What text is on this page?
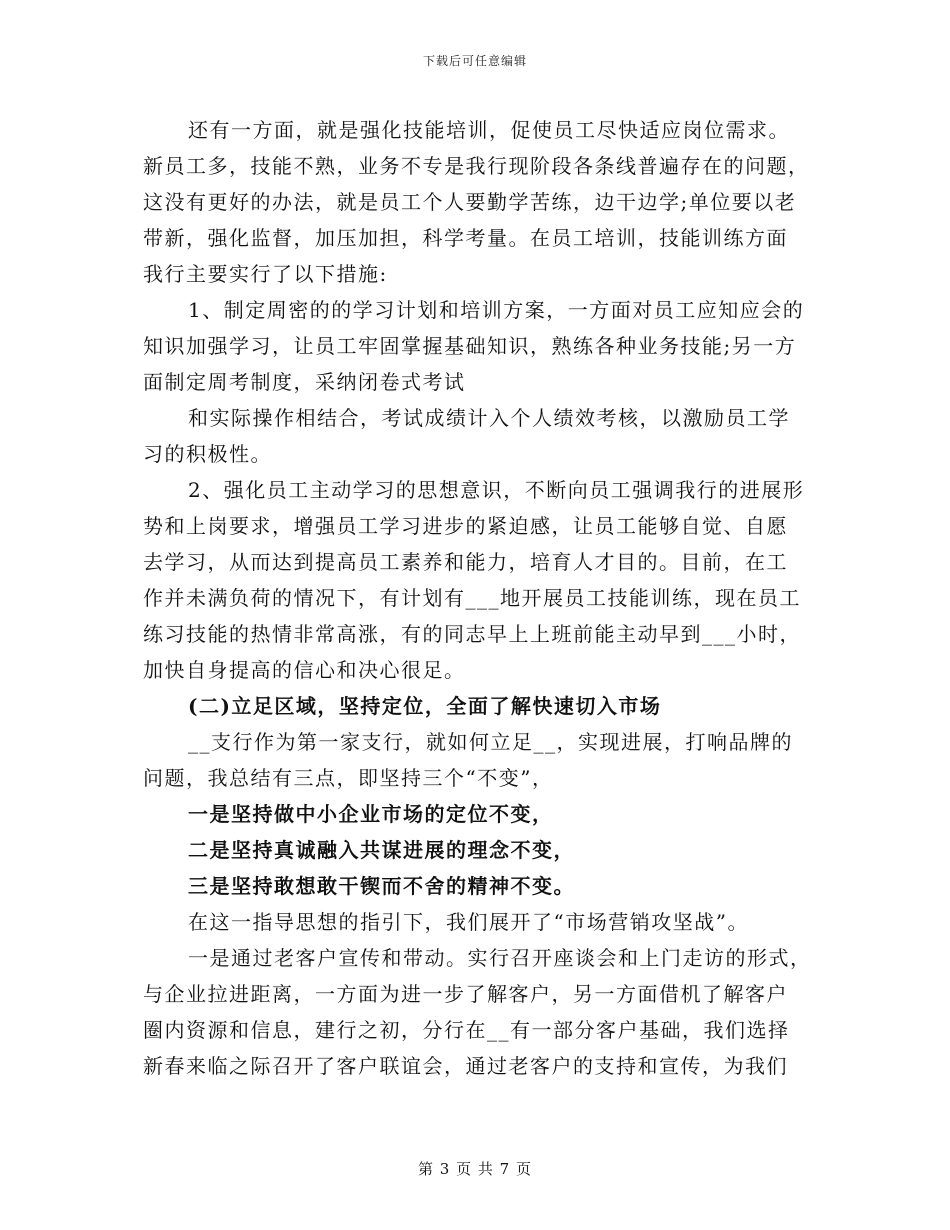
下载后可任意编辑
还有一方面，就是强化技能培训，促使员工尽快适应岗位需求。
新员工多，技能不熟，业务不专是我行现阶段各条线普遍存在的问题，
这没有更好的办法，就是员工个人要勤学苦练，边干边学;单位要以老
带新，强化监督，加压加担，科学考量。在员工培训，技能训练方面
我行主要实行了以下措施:
1、制定周密的的学习计划和培训方案，一方面对员工应知应会的
知识加强学习，让员工牢固掌握基础知识，熟练各种业务技能;另一方
面制定周考制度，采纳闭卷式考试
和实际操作相结合，考试成绩计入个人绩效考核，以激励员工学
习的积极性。
2、强化员工主动学习的思想意识，不断向员工强调我行的进展形
势和上岗要求，增强员工学习进步的紧迫感，让员工能够自觉、自愿
去学习，从而达到提高员工素养和能力，培育人才目的。目前，在工
作并未满负荷的情况下，有计划有___地开展员工技能训练，现在员工
练习技能的热情非常高涨，有的同志早上上班前能主动早到___小时，
加快自身提高的信心和决心很足。
(二)立足区域，坚持定位，全面了解快速切入市场
__支行作为第一家支行，就如何立足__，实现进展，打响品牌的
问题，我总结有三点，即坚持三个“不变”，
一是坚持做中小企业市场的定位不变，
二是坚持真诚融入共谋进展的理念不变，
三是坚持敢想敢干锲而不舍的精神不变。
在这一指导思想的指引下，我们展开了“市场营销攻坚战”。
一是通过老客户宣传和带动。实行召开座谈会和上门走访的形式，
与企业拉进距离，一方面为进一步了解客户，另一方面借机了解客户
圈内资源和信息，建行之初，分行在__有一部分客户基础，我们选择
新春来临之际召开了客户联谊会，通过老客户的支持和宣传，为我们
第 3 页 共 7 页
